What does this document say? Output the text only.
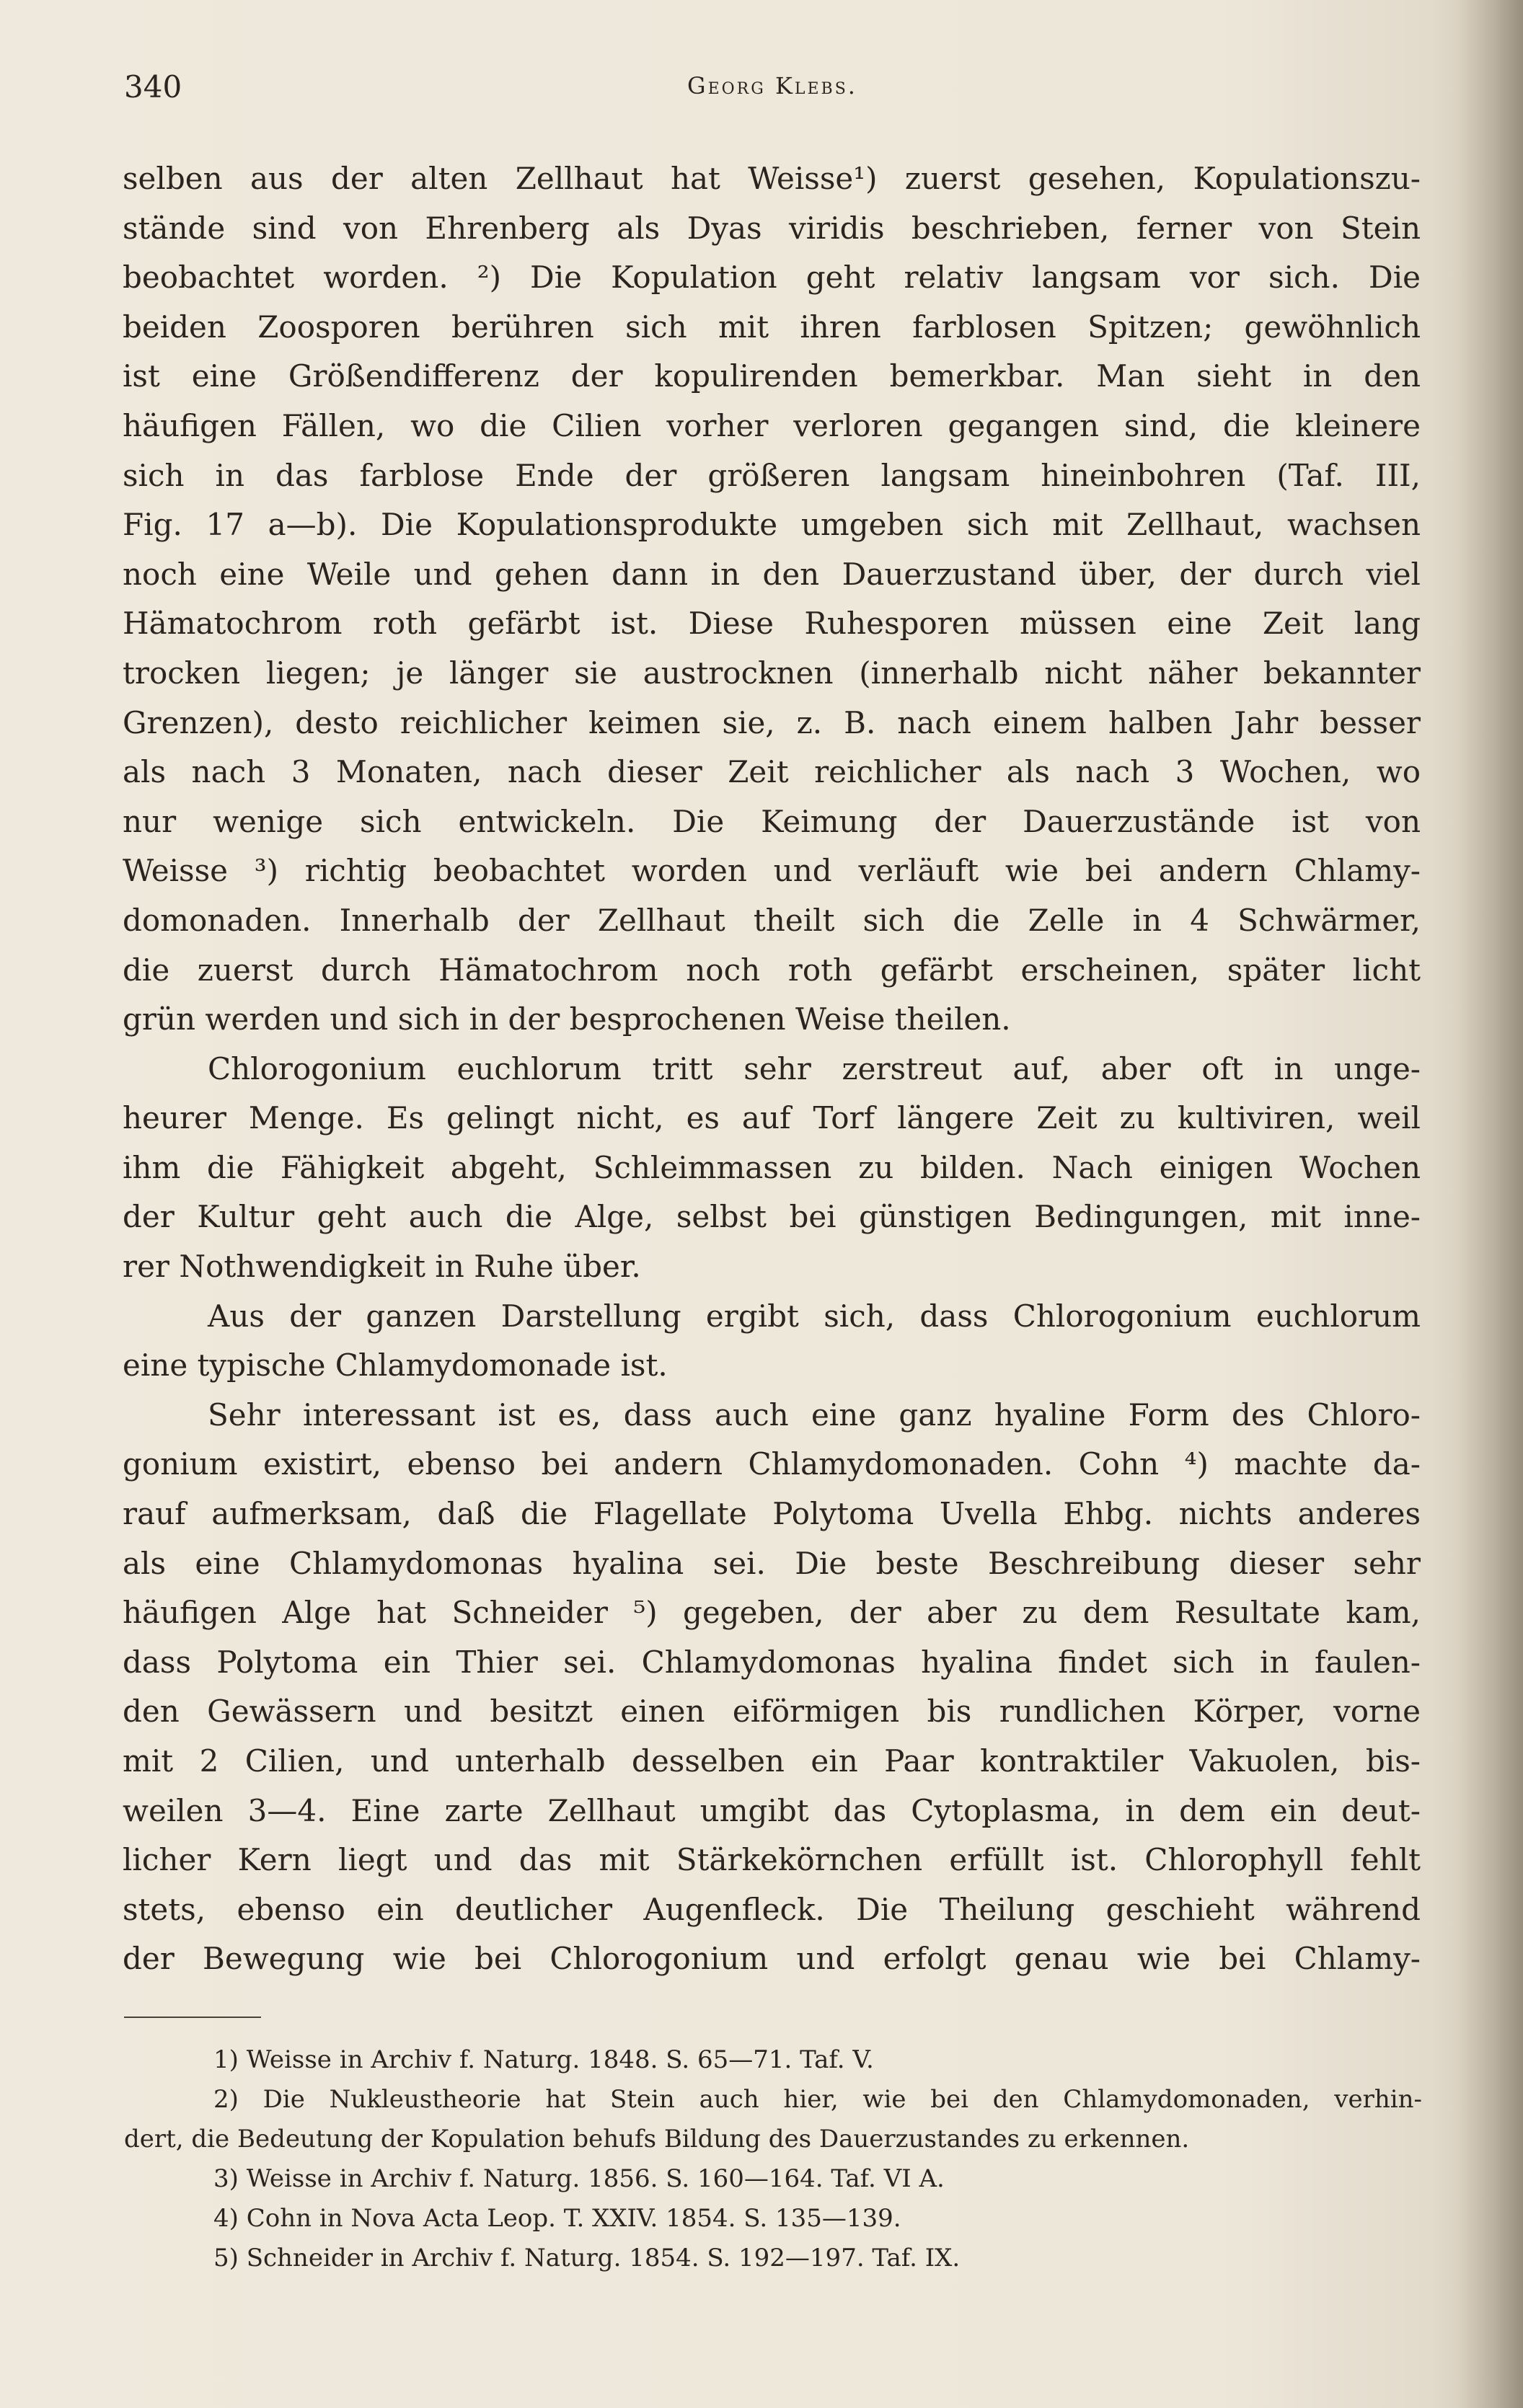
340	Georg Klebs.
selben aus der alten Zellhaut hat Weisse¹) zuerst gesehen, Kopulationszu-
stände sind von Ehrenberg als Dyas viridis beschrieben, ferner von Stein
beobachtet worden. ²) Die Kopulation geht relativ langsam vor sich. Die
beiden Zoosporen berühren sich mit ihren farblosen Spitzen; gewöhnlich
ist eine Größendifferenz der kopulirenden bemerkbar. Man sieht in den
häufigen Fällen, wo die Cilien vorher verloren gegangen sind, die kleinere
sich in das farblose Ende der größeren langsam hineinbohren (Taf. III,
Fig. 17 a—b). Die Kopulationsprodukte umgeben sich mit Zellhaut, wachsen
noch eine Weile und gehen dann in den Dauerzustand über, der durch viel
Hämatochrom roth gefärbt ist. Diese Ruhesporen müssen eine Zeit lang
trocken liegen; je länger sie austrocknen (innerhalb nicht näher bekannter
Grenzen), desto reichlicher keimen sie, z. B. nach einem halben Jahr besser
als nach 3 Monaten, nach dieser Zeit reichlicher als nach 3 Wochen, wo
nur wenige sich entwickeln. Die Keimung der Dauerzustände ist von
Weisse ³) richtig beobachtet worden und verläuft wie bei andern Chlamy-
domonaden. Innerhalb der Zellhaut theilt sich die Zelle in 4 Schwärmer,
die zuerst durch Hämatochrom noch roth gefärbt erscheinen, später licht
grün werden und sich in der besprochenen Weise theilen.
Chlorogonium euchlorum tritt sehr zerstreut auf, aber oft in unge-
heurer Menge. Es gelingt nicht, es auf Torf längere Zeit zu kultiviren, weil
ihm die Fähigkeit abgeht, Schleimmassen zu bilden. Nach einigen Wochen
der Kultur geht auch die Alge, selbst bei günstigen Bedingungen, mit inne-
rer Nothwendigkeit in Ruhe über.
Aus der ganzen Darstellung ergibt sich, dass Chlorogonium euchlorum
eine typische Chlamydomonade ist.
Sehr interessant ist es, dass auch eine ganz hyaline Form des Chloro-
gonium existirt, ebenso bei andern Chlamydomonaden. Cohn ⁴) machte da-
rauf aufmerksam, daß die Flagellate Polytoma Uvella Ehbg. nichts anderes
als eine Chlamydomonas hyalina sei. Die beste Beschreibung dieser sehr
häufigen Alge hat Schneider ⁵) gegeben, der aber zu dem Resultate kam,
dass Polytoma ein Thier sei. Chlamydomonas hyalina findet sich in faulen-
den Gewässern und besitzt einen eiförmigen bis rundlichen Körper, vorne
mit 2 Cilien, und unterhalb desselben ein Paar kontraktiler Vakuolen, bis-
weilen 3—4. Eine zarte Zellhaut umgibt das Cytoplasma, in dem ein deut-
licher Kern liegt und das mit Stärkekörnchen erfüllt ist. Chlorophyll fehlt
stets, ebenso ein deutlicher Augenfleck. Die Theilung geschieht während
der Bewegung wie bei Chlorogonium und erfolgt genau wie bei Chlamy-
1) Weisse in Archiv f. Naturg. 1848. S. 65—71. Taf. V.
2) Die Nukleustheorie hat Stein auch hier, wie bei den Chlamydomonaden, verhin-
dert, die Bedeutung der Kopulation behufs Bildung des Dauerzustandes zu erkennen.
3) Weisse in Archiv f. Naturg. 1856. S. 160—164. Taf. VI A.
4) Cohn in Nova Acta Leop. T. XXIV. 1854. S. 135—139.
5) Schneider in Archiv f. Naturg. 1854. S. 192—197. Taf. IX.
